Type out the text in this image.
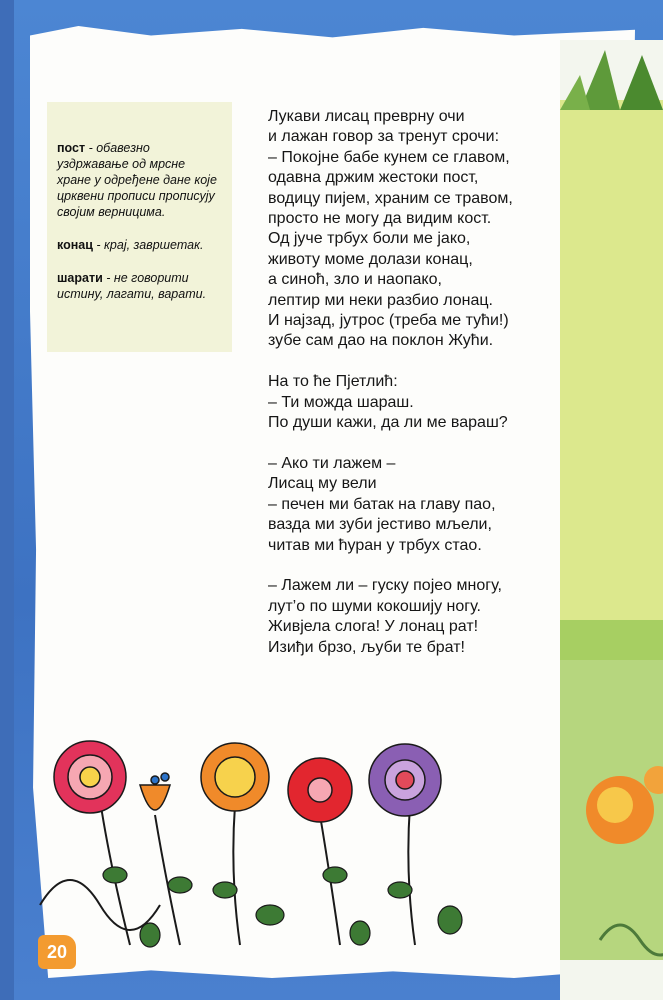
пост - обавезно уздржавање од мрсне хране у одређене дане које црквени прописи прописују својим верницима.

конац - крај, завршетак.

шарати - не говорити истину, лагати, варати.

Лукави лисац преврну очи
и лажан говор за тренут срочи:
– Покојне бабе кунем се главом,
одавна држим жестоки пост,
водицу пијем, храним се травом,
просто не могу да видим кост.
Од јуче трбух боли ме јако,
животу моме долази конац,
а синоћ, зло и наопако,
лептир ми неки разбио лонац.
И најзад, јутрос (треба ме тући!)
зубе сам дао на поклон Жући.
На то ће Пјетлић:
– Ти можда шараш.
По души кажи, да ли ме вараш?
– Ако ти лажем –
Лисац му вели
– печен ми батак на главу пао,
вазда ми зуби јестиво мљели,
читав ми ћуран у трбух стао.
– Лажем ли – гуску појео многу,
лут’о по шуми кокошију ногу.
Живјела слога! У лонац рат!
Изиђи брзо, љуби те брат!
20
